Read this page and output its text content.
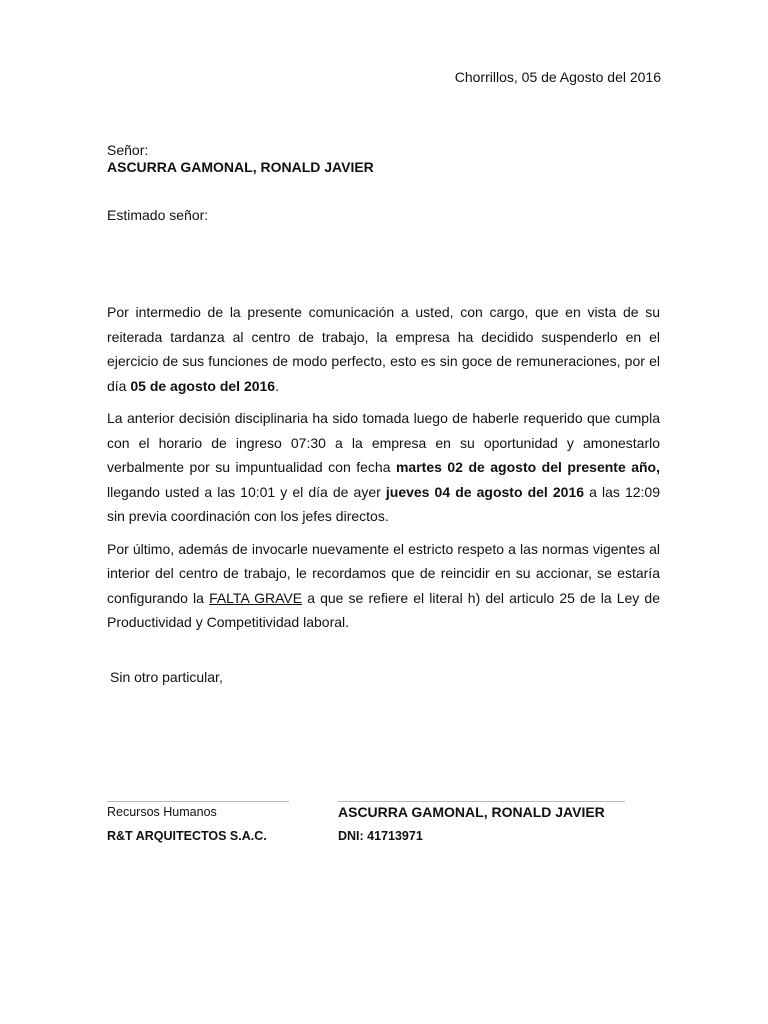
Chorrillos, 05 de Agosto del 2016
Señor:
ASCURRA GAMONAL, RONALD JAVIER
Estimado señor:

Por intermedio de la presente comunicación a usted, con cargo, que en vista de su reiterada tardanza al centro de trabajo, la empresa ha decidido suspenderlo en el ejercicio de sus funciones de modo perfecto, esto es sin goce de remuneraciones, por el día 05 de agosto del 2016.

La anterior decisión disciplinaria ha sido tomada luego de haberle requerido que cumpla con el horario de ingreso 07:30 a la empresa en su oportunidad y amonestarlo verbalmente por su impuntualidad con fecha martes 02 de agosto del presente año, llegando usted a las 10:01 y el día de ayer jueves 04 de agosto del 2016 a las 12:09 sin previa coordinación con los jefes directos.

Por último, además de invocarle nuevamente el estricto respeto a las normas vigentes al interior del centro de trabajo, le recordamos que de reincidir en su accionar, se estaría configurando la FALTA GRAVE a que se refiere el literal h) del articulo 25 de la Ley de Productividad y Competitividad laboral.

Sin otro particular,
Recursos Humanos
R&T ARQUITECTOS S.A.C.
ASCURRA GAMONAL, RONALD JAVIER
DNI: 41713971
